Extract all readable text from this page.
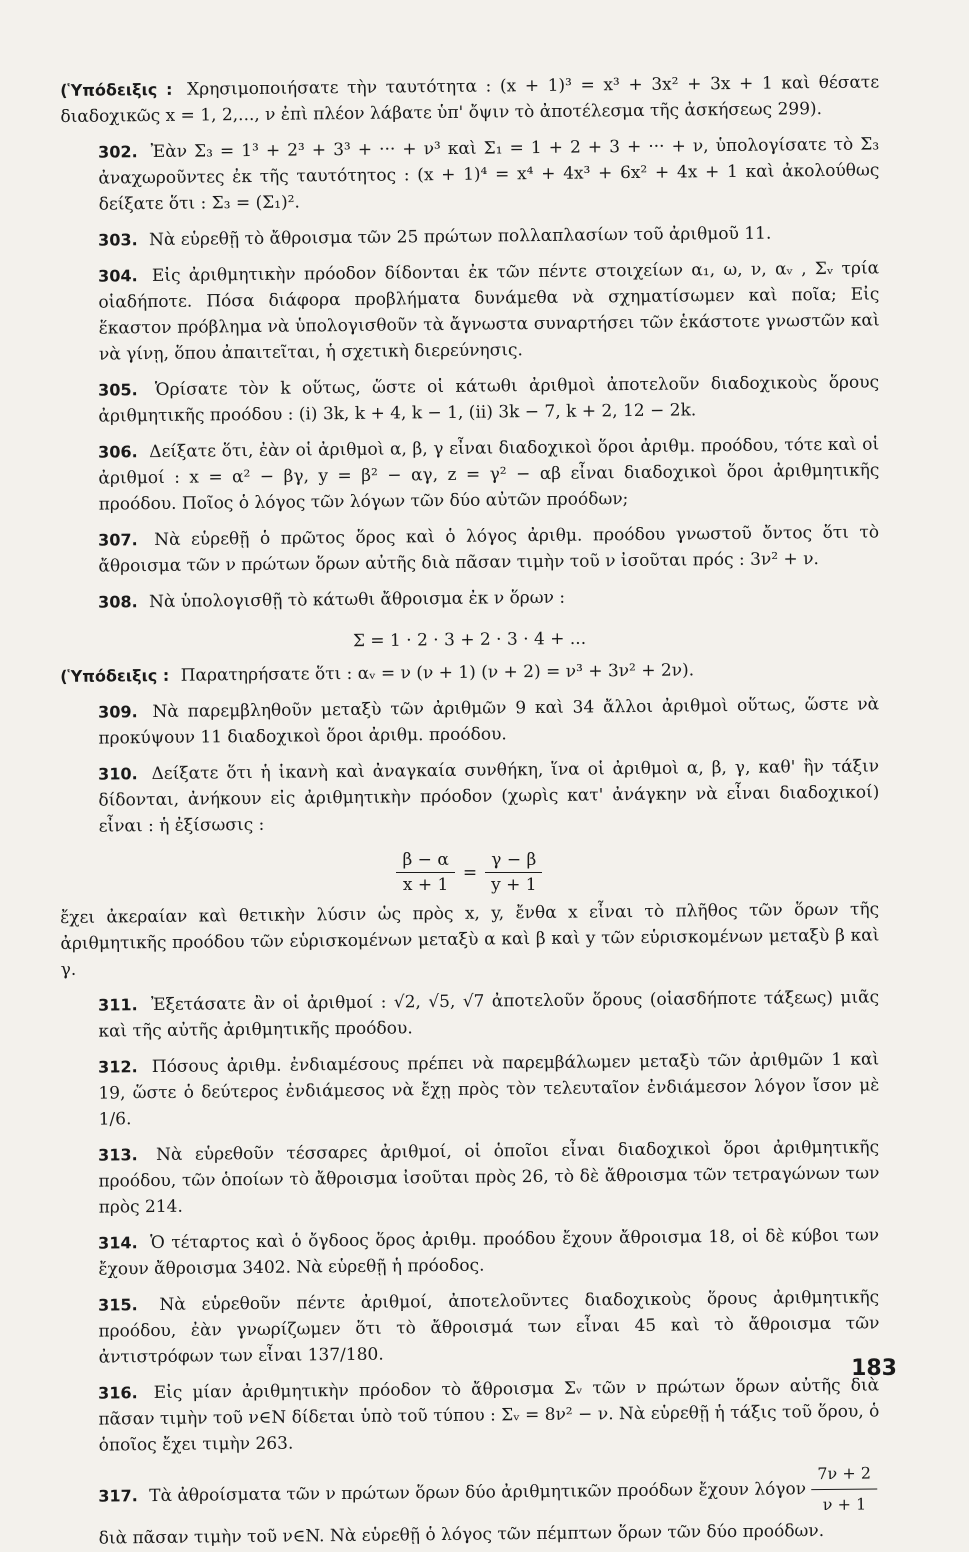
(Ὑπόδειξις : Χρησιμοποιήσατε τὴν ταυτότητα : (x + 1)³ = x³ + 3x² + 3x + 1 καὶ θέσατε διαδοχικῶς x = 1, 2,..., ν ἐπὶ πλέον λάβατε ὑπ' ὄψιν τὸ ἀποτέλεσμα τῆς ἀσκήσεως 299).

302. Ἐὰν Σ₃ = 1³ + 2³ + 3³ + ··· + ν³ καὶ Σ₁ = 1 + 2 + 3 + ··· + ν, ὑπολογίσατε τὸ Σ₃ ἀναχωροῦντες ἐκ τῆς ταυτότητος : (x + 1)⁴ = x⁴ + 4x³ + 6x² + 4x + 1 καὶ ἀκολούθως δείξατε ὅτι : Σ₃ = (Σ₁)².

303. Νὰ εὑρεθῇ τὸ ἄθροισμα τῶν 25 πρώτων πολλαπλασίων τοῦ ἀριθμοῦ 11.

304. Εἰς ἀριθμητικὴν πρόοδον δίδονται ἐκ τῶν πέντε στοιχείων α₁, ω, ν, αᵥ , Σᵥ τρία οἱαδήποτε. Πόσα διάφορα προβλήματα δυνάμεθα νὰ σχηματίσωμεν καὶ ποῖα; Εἰς ἕκαστον πρόβλημα νὰ ὑπολογισθοῦν τὰ ἄγνωστα συναρτήσει τῶν ἑκάστοτε γνωστῶν καὶ νὰ γίνῃ, ὅπου ἀπαιτεῖται, ἡ σχετικὴ διερεύνησις.

305. Ὁρίσατε τὸν k οὕτως, ὥστε οἱ κάτωθι ἀριθμοὶ ἀποτελοῦν διαδοχικοὺς ὅρους ἀριθμητικῆς προόδου : (i) 3k, k + 4, k − 1, (ii) 3k − 7, k + 2, 12 − 2k.

306. Δείξατε ὅτι, ἐὰν οἱ ἀριθμοὶ α, β, γ εἶναι διαδοχικοὶ ὅροι ἀριθμ. προόδου, τότε καὶ οἱ ἀριθμοί : x = α² − βγ, y = β² − αγ, z = γ² − αβ εἶναι διαδοχικοὶ ὅροι ἀριθμητικῆς προόδου. Ποῖος ὁ λόγος τῶν λόγων τῶν δύο αὐτῶν προόδων;

307. Νὰ εὑρεθῇ ὁ πρῶτος ὅρος καὶ ὁ λόγος ἀριθμ. προόδου γνωστοῦ ὄντος ὅτι τὸ ἄθροισμα τῶν ν πρώτων ὅρων αὐτῆς διὰ πᾶσαν τιμὴν τοῦ ν ἰσοῦται πρός : 3ν² + ν.

308. Νὰ ὑπολογισθῇ τὸ κάτωθι ἄθροισμα ἐκ ν ὅρων :

Σ = 1 · 2 · 3 + 2 · 3 · 4 + ...

(Ὑπόδειξις : Παρατηρήσατε ὅτι : αᵥ = ν (ν + 1) (ν + 2) = ν³ + 3ν² + 2ν).

309. Νὰ παρεμβληθοῦν μεταξὺ τῶν ἀριθμῶν 9 καὶ 34 ἄλλοι ἀριθμοὶ οὕτως, ὥστε νὰ προκύψουν 11 διαδοχικοὶ ὅροι ἀριθμ. προόδου.

310. Δείξατε ὅτι ἡ ἱκανὴ καὶ ἀναγκαία συνθήκη, ἵνα οἱ ἀριθμοὶ α, β, γ, καθ' ἣν τάξιν δίδονται, ἀνήκουν εἰς ἀριθμητικὴν πρόοδον (χωρὶς κατ' ἀνάγκην νὰ εἶναι διαδοχικοί) εἶναι : ἡ ἐξίσωσις :

$\frac{\beta - \alpha}{x + 1} = \frac{\gamma - \beta}{y + 1}$

ἔχει ἀκεραίαν καὶ θετικὴν λύσιν ὡς πρὸς x, y, ἔνθα x εἶναι τὸ πλῆθος τῶν ὅρων τῆς ἀριθμητικῆς προόδου τῶν εὑρισκομένων μεταξὺ α καὶ β καὶ y τῶν εὑρισκομένων μεταξὺ β καὶ γ.

311. Ἐξετάσατε ἂν οἱ ἀριθμοί : √2, √5, √7 ἀποτελοῦν ὅρους (οἱασδήποτε τάξεως) μιᾶς καὶ τῆς αὐτῆς ἀριθμητικῆς προόδου.

312. Πόσους ἀριθμ. ἐνδιαμέσους πρέπει νὰ παρεμβάλωμεν μεταξὺ τῶν ἀριθμῶν 1 καὶ 19, ὥστε ὁ δεύτερος ἐνδιάμεσος νὰ ἔχῃ πρὸς τὸν τελευταῖον ἐνδιάμεσον λόγον ἴσον μὲ 1/6.

313. Νὰ εὑρεθοῦν τέσσαρες ἀριθμοί, οἱ ὁποῖοι εἶναι διαδοχικοὶ ὅροι ἀριθμητικῆς προόδου, τῶν ὁποίων τὸ ἄθροισμα ἰσοῦται πρὸς 26, τὸ δὲ ἄθροισμα τῶν τετραγώνων των πρὸς 214.

314. Ὁ τέταρτος καὶ ὁ ὄγδοος ὅρος ἀριθμ. προόδου ἔχουν ἄθροισμα 18, οἱ δὲ κύβοι των ἔχουν ἄθροισμα 3402. Νὰ εὑρεθῇ ἡ πρόοδος.

315. Νὰ εὑρεθοῦν πέντε ἀριθμοί, ἀποτελοῦντες διαδοχικοὺς ὅρους ἀριθμητικῆς προόδου, ἐὰν γνωρίζωμεν ὅτι τὸ ἄθροισμά των εἶναι 45 καὶ τὸ ἄθροισμα τῶν ἀντιστρόφων των εἶναι 137/180.

316. Εἰς μίαν ἀριθμητικὴν πρόοδον τὸ ἄθροισμα Σᵥ τῶν ν πρώτων ὅρων αὐτῆς διὰ πᾶσαν τιμὴν τοῦ ν∈N δίδεται ὑπὸ τοῦ τύπου : Σᵥ = 8ν² − ν. Νὰ εὑρεθῇ ἡ τάξις τοῦ ὅρου, ὁ ὁποῖος ἔχει τιμὴν 263.

317. Τὰ ἀθροίσματα τῶν ν πρώτων ὅρων δύο ἀριθμητικῶν προόδων ἔχουν λόγον $\frac{7\nu + 2}{\nu + 1}$

διὰ πᾶσαν τιμὴν τοῦ ν∈N. Νὰ εὑρεθῇ ὁ λόγος τῶν πέμπτων ὅρων τῶν δύο προόδων.

183
